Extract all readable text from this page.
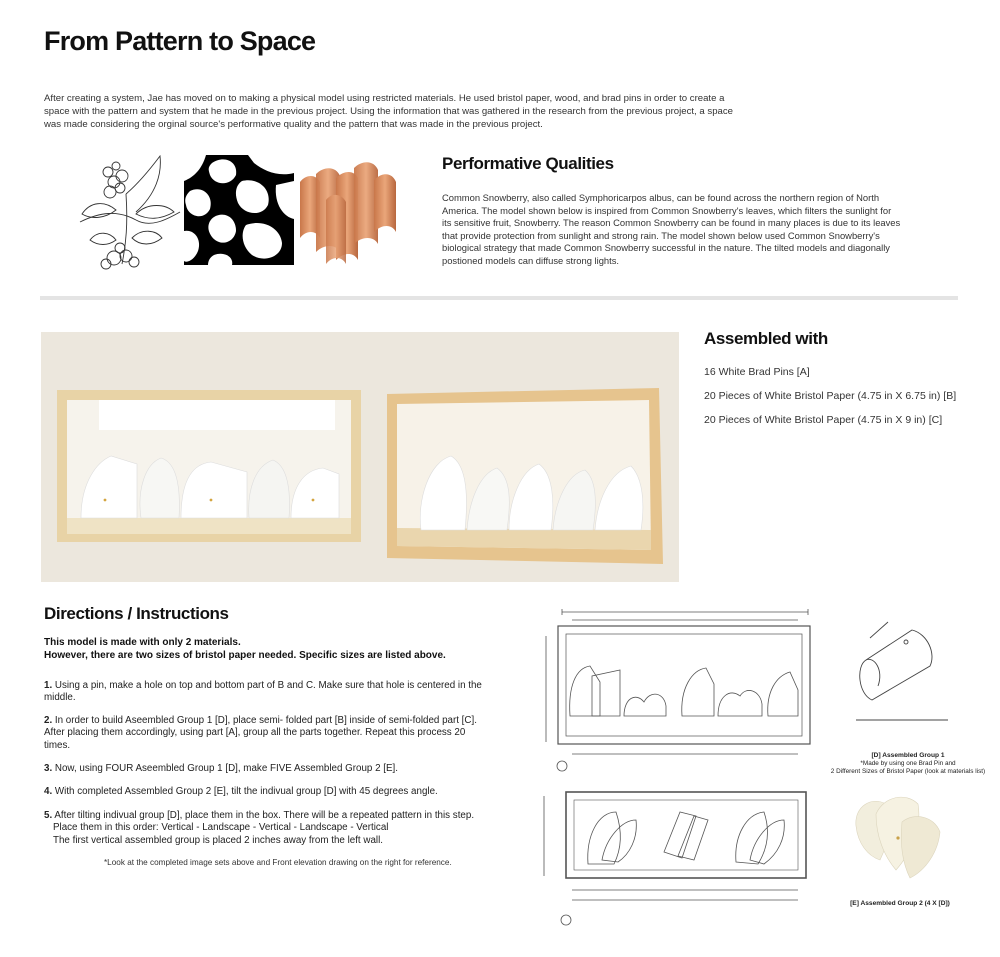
From Pattern to Space
After creating a system, Jae has moved on to making a physical model using restricted materials. He used bristol paper, wood, and brad pins in order to create a space with the pattern and system that he made in the previous project. Using the information that was gathered in the research from the previous project, a space was made considering the orginal source's performative quality and the pattern that was made in the previous project.
Performative Qualities
Common Snowberry, also called Symphoricarpos albus, can be found across the northern region of North America. The model shown below is inspired from Common Snowberry's leaves, which filters the sunlight for its sensitive fruit, Snowberry. The reason Common Snowberry can be found in many places is due to its leaves that provide protection from sunlight and strong rain. The model shown below used Common Snowberry's biological strategy that made Common Snowberry successful in the nature. The tilted models and diagonally postioned models can diffuse strong lights.
Assembled with
16 White Brad Pins [A]
20 Pieces of White Bristol Paper (4.75 in X 6.75 in) [B]
20 Pieces of White Bristol Paper (4.75 in X 9 in) [C]
Directions / Instructions
This model is made with only 2 materials.
However, there are two sizes of bristol paper needed. Specific sizes are listed above.
1. Using a pin, make a hole on top and bottom part of B and C. Make sure that hole is centered in the middle.
2. In order to build Aseembled Group 1 [D], place semi- folded part [B] inside of semi-folded part [C]. After placing them accordingly, using part [A], group all the parts together. Repeat this process 20 times.
3. Now, using FOUR Aseembled Group 1 [D], make FIVE Assembled Group 2 [E].
4. With completed Assembled Group 2 [E], tilt the indivual group [D] with 45 degrees angle.
5. After tilting indivual group [D], place them in the box. There will be a repeated pattern in this step.
Place them in this order: Vertical - Landscape - Vertical - Landscape - Vertical
The first vertical assembled group is placed 2 inches away from the left wall.
*Look at the completed image sets above and Front elevation drawing on the right for reference.
[D] Assembled Group 1
*Made by using one Brad Pin and
2 Different Sizes of Bristol Paper (look at materials list)
[E] Assembled Group 2 (4 X [D])
